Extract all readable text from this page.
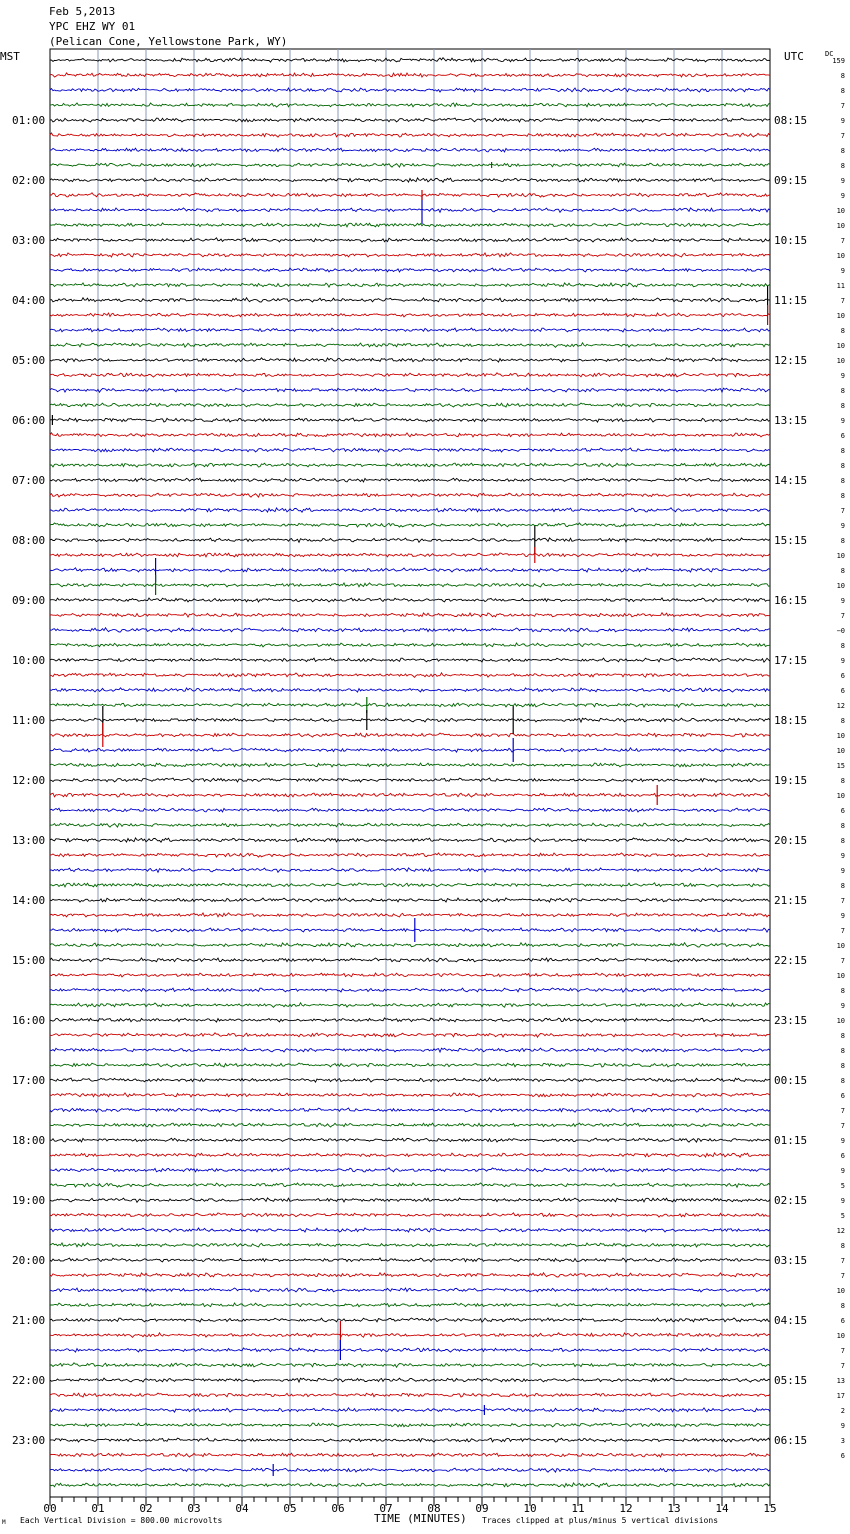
Feb 5,2013
YPC EHZ WY 01
(Pelican Cone, Yellowstone Park, WY)
MST	UTC	DC
TIME (MINUTES)
Each Vertical Division = 800.00 microvolts	Traces clipped at plus/minus 5 vertical divisions
M
00	01	02	03	04	05	06	07	08	09	10	11	12	13	14	15
01:00	08:15
02:00	09:15
03:00	10:15
04:00	11:15
05:00	12:15
06:00	13:15
07:00	14:15
08:00	15:15
09:00	16:15
10:00	17:15
11:00	18:15
12:00	19:15
13:00	20:15
14:00	21:15
15:00	22:15
16:00	23:15
17:00	00:15
18:00	01:15
19:00	02:15
20:00	03:15
21:00	04:15
22:00	05:15
23:00	06:15
159
8
8
7
9
7
8
8
9
9
10
10
7
10
9
11
7
10
8
10
10
9
8
8
9
6
8
8
8
8
7
9
8
10
8
10
9
7
−0
8
9
6
6
12
8
10
10
15
8
10
6
8
8
9
9
8
7
9
7
10
7
10
8
9
10
8
8
8
8
6
7
7
9
6
9
5
9
5
12
8
7
7
10
8
6
10
7
7
13
17
2
9
3
6
